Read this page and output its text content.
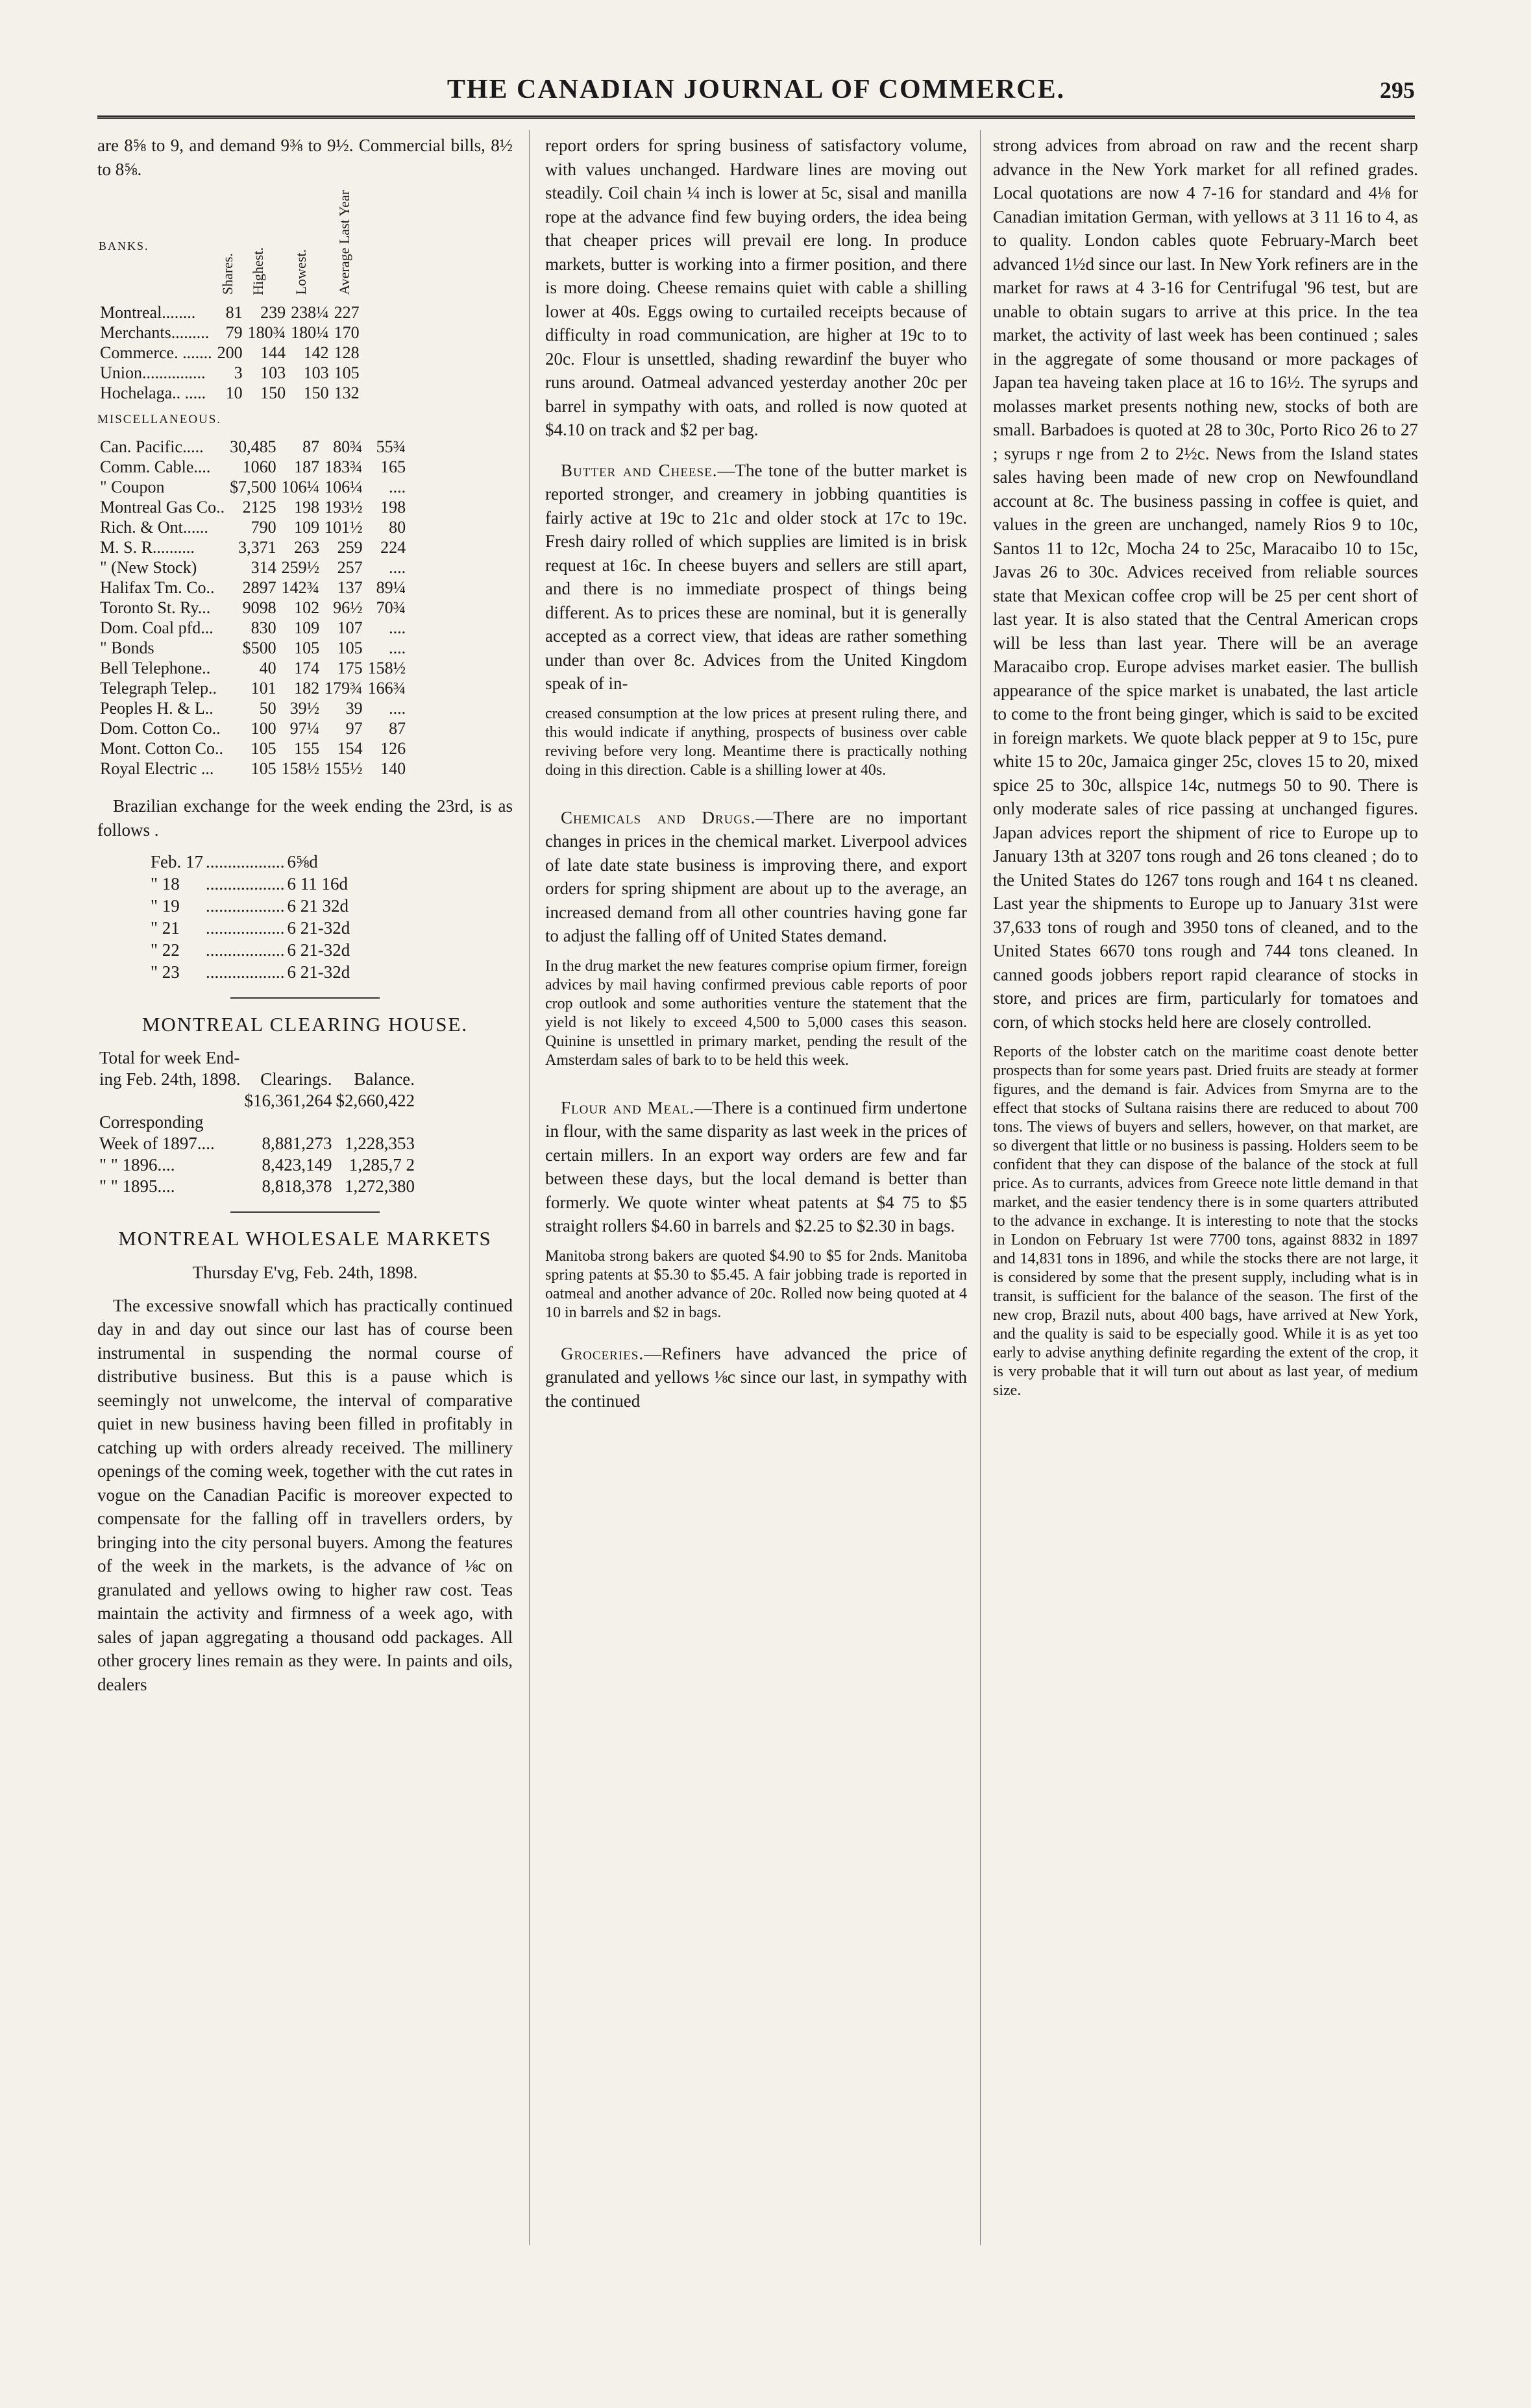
THE CANADIAN JOURNAL OF COMMERCE.	295

are 8⅝ to 9, and demand 9⅜ to 9½. Commercial bills, 8½ to 8⅝.

BANKS.	Shares.	Highest.	Lowest.	Average Last Year
Montreal........	81	239	238¼	227
Merchants.........	79	180¾	180¼	170
Commerce. .......	200	144	142	128
Union...............	3	103	103	105
Hochelaga.. .....	10	150	150	132

MISCELLANEOUS.

Can. Pacific.....	30,485	87	80¾	55¾
Comm. Cable....	1060	187	183¾	165
" Coupon	$7,500	106¼	106¼	....
Montreal Gas Co..	2125	198	193½	198
Rich. & Ont......	790	109	101½	80
M. S. R..........	3,371	263	259	224
" (New Stock)	314	259½	257	....
Halifax Tm. Co..	2897	142¾	137	89¼
Toronto St. Ry...	9098	102	96½	70¾
Dom. Coal pfd...	830	109	107	....
" Bonds	$500	105	105	....
Bell Telephone..	40	174	175	158½
Telegraph Telep..	101	182	179¾	166¾
Peoples H. & L..	50	39½	39	....
Dom. Cotton Co..	100	97¼	97	87
Mont. Cotton Co..	105	155	154	126
Royal Electric ...	105	158½	155½	140

Brazilian exchange for the week ending the 23rd, is as follows .

Feb. 17	..................	6⅝d
" 18	..................	6 11 16d
" 19	..................	6 21 32d
" 21	..................	6 21-32d
" 22	..................	6 21-32d
" 23	..................	6 21-32d

MONTREAL CLEARING HOUSE.

Total for week End-		
ing Feb. 24th, 1898.	Clearings.	Balance.
	$16,361,264	$2,660,422
Corresponding		
Week of 1897....	8,881,273	1,228,353
" " 1896....	8,423,149	1,285,7 2
" " 1895....	8,818,378	1,272,380

MONTREAL WHOLESALE MARKETS

Thursday E'vg, Feb. 24th, 1898.

The excessive snowfall which has practically continued day in and day out since our last has of course been instrumental in suspending the normal course of distributive business. But this is a pause which is seemingly not unwelcome, the interval of comparative quiet in new business having been filled in profitably in catching up with orders already received. The millinery openings of the coming week, together with the cut rates in vogue on the Canadian Pacific is moreover expected to compensate for the falling off in travellers orders, by bringing into the city personal buyers. Among the features of the week in the markets, is the advance of ⅛c on granulated and yellows owing to higher raw cost. Teas maintain the activity and firmness of a week ago, with sales of japan aggregating a thousand odd packages. All other grocery lines remain as they were. In paints and oils, dealers

report orders for spring business of satisfactory volume, with values unchanged. Hardware lines are moving out steadily. Coil chain ¼ inch is lower at 5c, sisal and manilla rope at the advance find few buying orders, the idea being that cheaper prices will prevail ere long. In produce markets, butter is working into a firmer position, and there is more doing. Cheese remains quiet with cable a shilling lower at 40s. Eggs owing to curtailed receipts because of difficulty in road communication, are higher at 19c to to 20c. Flour is unsettled, shading rewardinf the buyer who runs around. Oatmeal advanced yesterday another 20c per barrel in sympathy with oats, and rolled is now quoted at $4.10 on track and $2 per bag.

Butter and Cheese.—The tone of the butter market is reported stronger, and creamery in jobbing quantities is fairly active at 19c to 21c and older stock at 17c to 19c. Fresh dairy rolled of which supplies are limited is in brisk request at 16c. In cheese buyers and sellers are still apart, and there is no immediate prospect of things being different. As to prices these are nominal, but it is generally accepted as a correct view, that ideas are rather something under than over 8c. Advices from the United Kingdom speak of in-

creased consumption at the low prices at present ruling there, and this would indicate if anything, prospects of business over cable reviving before very long. Meantime there is practically nothing doing in this direction. Cable is a shilling lower at 40s.

Chemicals and Drugs.—There are no important changes in prices in the chemical market. Liverpool advices of late date state business is improving there, and export orders for spring shipment are about up to the average, an increased demand from all other countries having gone far to adjust the falling off of United States demand.

In the drug market the new features comprise opium firmer, foreign advices by mail having confirmed previous cable reports of poor crop outlook and some authorities venture the statement that the yield is not likely to exceed 4,500 to 5,000 cases this season. Quinine is unsettled in primary market, pending the result of the Amsterdam sales of bark to to be held this week.

Flour and Meal.—There is a continued firm undertone in flour, with the same disparity as last week in the prices of certain millers. In an export way orders are few and far between these days, but the local demand is better than formerly. We quote winter wheat patents at $4 75 to $5 straight rollers $4.60 in barrels and $2.25 to $2.30 in bags.

Manitoba strong bakers are quoted $4.90 to $5 for 2nds. Manitoba spring patents at $5.30 to $5.45. A fair jobbing trade is reported in oatmeal and another advance of 20c. Rolled now being quoted at 4 10 in barrels and $2 in bags.

Groceries.—Refiners have advanced the price of granulated and yellows ⅛c since our last, in sympathy with the continued

strong advices from abroad on raw and the recent sharp advance in the New York market for all refined grades. Local quotations are now 4 7-16 for standard and 4⅛ for Canadian imitation German, with yellows at 3 11 16 to 4, as to quality. London cables quote February-March beet advanced 1½d since our last. In New York refiners are in the market for raws at 4 3-16 for Centrifugal '96 test, but are unable to obtain sugars to arrive at this price. In the tea market, the activity of last week has been continued ; sales in the aggregate of some thousand or more packages of Japan tea haveing taken place at 16 to 16½. The syrups and molasses market presents nothing new, stocks of both are small. Barbadoes is quoted at 28 to 30c, Porto Rico 26 to 27 ; syrups r nge from 2 to 2½c. News from the Island states sales having been made of new crop on Newfoundland account at 8c. The business passing in coffee is quiet, and values in the green are unchanged, namely Rios 9 to 10c, Santos 11 to 12c, Mocha 24 to 25c, Maracaibo 10 to 15c, Javas 26 to 30c. Advices received from reliable sources state that Mexican coffee crop will be 25 per cent short of last year. It is also stated that the Central American crops will be less than last year. There will be an average Maracaibo crop. Europe advises market easier. The bullish appearance of the spice market is unabated, the last article to come to the front being ginger, which is said to be excited in foreign markets. We quote black pepper at 9 to 15c, pure white 15 to 20c, Jamaica ginger 25c, cloves 15 to 20, mixed spice 25 to 30c, allspice 14c, nutmegs 50 to 90. There is only moderate sales of rice passing at unchanged figures. Japan advices report the shipment of rice to Europe up to January 13th at 3207 tons rough and 26 tons cleaned ; do to the United States do 1267 tons rough and 164 t ns cleaned. Last year the shipments to Europe up to January 31st were 37,633 tons of rough and 3950 tons of cleaned, and to the United States 6670 tons rough and 744 tons cleaned. In canned goods jobbers report rapid clearance of stocks in store, and prices are firm, particularly for tomatoes and corn, of which stocks held here are closely controlled.

Reports of the lobster catch on the maritime coast denote better prospects than for some years past. Dried fruits are steady at former figures, and the demand is fair. Advices from Smyrna are to the effect that stocks of Sultana raisins there are reduced to about 700 tons. The views of buyers and sellers, however, on that market, are so divergent that little or no business is passing. Holders seem to be confident that they can dispose of the balance of the stock at full price. As to currants, advices from Greece note little demand in that market, and the easier tendency there is in some quarters attributed to the advance in exchange. It is interesting to note that the stocks in London on February 1st were 7700 tons, against 8832 in 1897 and 14,831 tons in 1896, and while the stocks there are not large, it is considered by some that the present supply, including what is in transit, is sufficient for the balance of the season. The first of the new crop, Brazil nuts, about 400 bags, have arrived at New York, and the quality is said to be especially good. While it is as yet too early to advise anything definite regarding the extent of the crop, it is very probable that it will turn out about as last year, of medium size.
